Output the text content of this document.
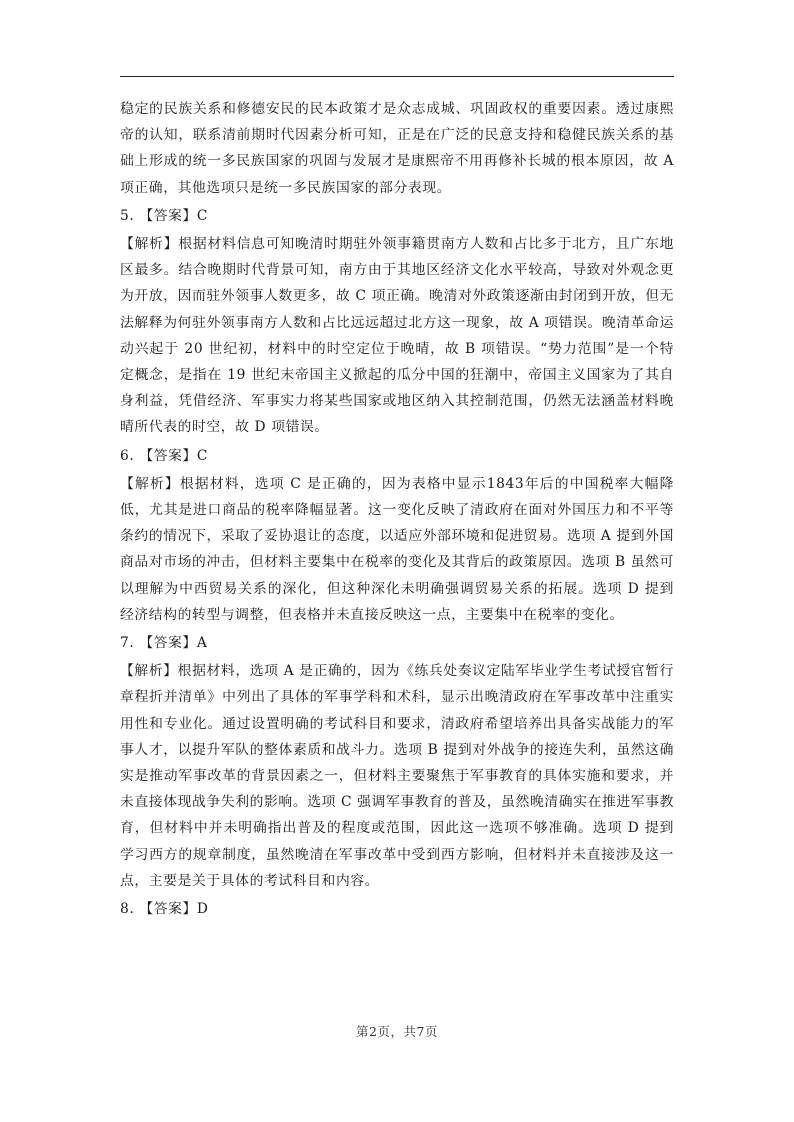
稳定的民族关系和修德安民的民本政策才是众志成城、巩固政权的重要因素。透过康熙帝的认知，联系清前期时代因素分析可知，正是在广泛的民意支持和稳健民族关系的基础上形成的统一多民族国家的巩固与发展才是康熙帝不用再修补长城的根本原因，故 A 项正确，其他选项只是统一多民族国家的部分表现。

5. 【答案】C

【解析】根据材料信息可知晚清时期驻外领事籍贯南方人数和占比多于北方，且广东地区最多。结合晚期时代背景可知，南方由于其地区经济文化水平较高，导致对外观念更为开放，因而驻外领事人数更多，故 C 项正确。晚清对外政策逐渐由封闭到开放，但无法解释为何驻外领事南方人数和占比远远超过北方这一现象，故 A 项错误。晚清革命运动兴起于 20 世纪初，材料中的时空定位于晚晴，故 B 项错误。“势力范围”是一个特定概念，是指在 19 世纪末帝国主义掀起的瓜分中国的狂潮中，帝国主义国家为了其自身利益，凭借经济、军事实力将某些国家或地区纳入其控制范围，仍然无法涵盖材料晚晴所代表的时空，故 D 项错误。

6. 【答案】C

【解析】根据材料，选项 C 是正确的，因为表格中显示1843年后的中国税率大幅降低，尤其是进口商品的税率降幅显著。这一变化反映了清政府在面对外国压力和不平等条约的情况下，采取了妥协退让的态度，以适应外部环境和促进贸易。选项 A 提到外国商品对市场的冲击，但材料主要集中在税率的变化及其背后的政策原因。选项 B 虽然可以理解为中西贸易关系的深化，但这种深化未明确强调贸易关系的拓展。选项 D 提到经济结构的转型与调整，但表格并未直接反映这一点，主要集中在税率的变化。

7. 【答案】A

【解析】根据材料，选项 A 是正确的，因为《练兵处奏议定陆军毕业学生考试授官暂行章程折并清单》中列出了具体的军事学科和术科，显示出晚清政府在军事改革中注重实用性和专业化。通过设置明确的考试科目和要求，清政府希望培养出具备实战能力的军事人才，以提升军队的整体素质和战斗力。选项 B 提到对外战争的接连失利，虽然这确实是推动军事改革的背景因素之一，但材料主要聚焦于军事教育的具体实施和要求，并未直接体现战争失利的影响。选项 C 强调军事教育的普及，虽然晚清确实在推进军事教育，但材料中并未明确指出普及的程度或范围，因此这一选项不够准确。选项 D 提到学习西方的规章制度，虽然晚清在军事改革中受到西方影响，但材料并未直接涉及这一点，主要是关于具体的考试科目和内容。

8. 【答案】D

第2页，共7页
